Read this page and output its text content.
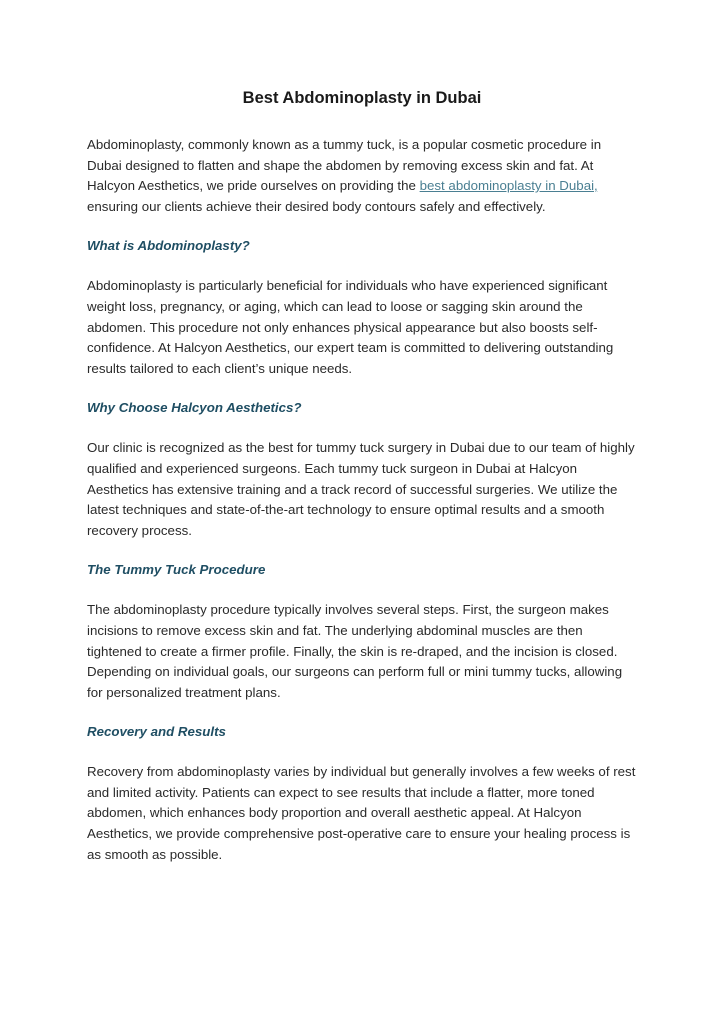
Best Abdominoplasty in Dubai

Abdominoplasty, commonly known as a tummy tuck, is a popular cosmetic procedure in Dubai designed to flatten and shape the abdomen by removing excess skin and fat. At Halcyon Aesthetics, we pride ourselves on providing the best abdominoplasty in Dubai, ensuring our clients achieve their desired body contours safely and effectively.

What is Abdominoplasty?

Abdominoplasty is particularly beneficial for individuals who have experienced significant weight loss, pregnancy, or aging, which can lead to loose or sagging skin around the abdomen. This procedure not only enhances physical appearance but also boosts self-confidence. At Halcyon Aesthetics, our expert team is committed to delivering outstanding results tailored to each client’s unique needs.

Why Choose Halcyon Aesthetics?

Our clinic is recognized as the best for tummy tuck surgery in Dubai due to our team of highly qualified and experienced surgeons. Each tummy tuck surgeon in Dubai at Halcyon Aesthetics has extensive training and a track record of successful surgeries. We utilize the latest techniques and state-of-the-art technology to ensure optimal results and a smooth recovery process.

The Tummy Tuck Procedure

The abdominoplasty procedure typically involves several steps. First, the surgeon makes incisions to remove excess skin and fat. The underlying abdominal muscles are then tightened to create a firmer profile. Finally, the skin is re-draped, and the incision is closed. Depending on individual goals, our surgeons can perform full or mini tummy tucks, allowing for personalized treatment plans.

Recovery and Results

Recovery from abdominoplasty varies by individual but generally involves a few weeks of rest and limited activity. Patients can expect to see results that include a flatter, more toned abdomen, which enhances body proportion and overall aesthetic appeal. At Halcyon Aesthetics, we provide comprehensive post-operative care to ensure your healing process is as smooth as possible.
